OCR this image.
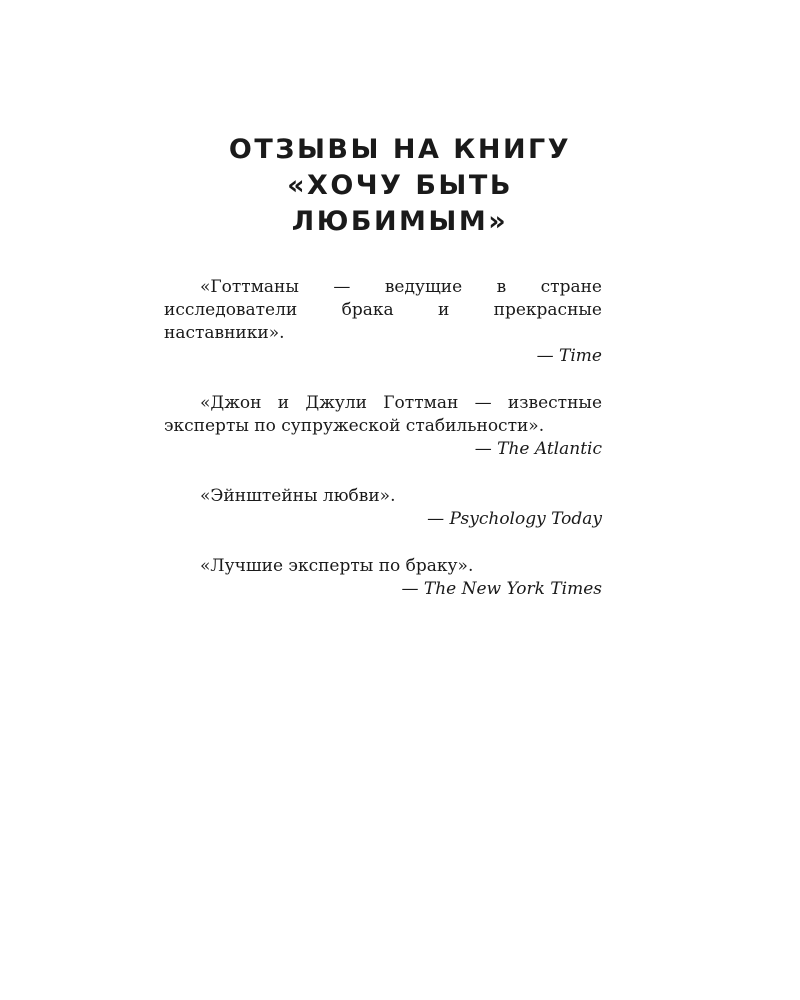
ОТЗЫВЫ НА КНИГУ
«ХОЧУ БЫТЬ
ЛЮБИМЫМ»

«Готтманы — ведущие в стране исследователи брака и прекрасные наставники».

— Time

«Джон и Джули Готтман — известные эксперты по супружеской стабильности».

— The Atlantic

«Эйнштейны любви».

— Psychology Today

«Лучшие эксперты по браку».

— The New York Times
